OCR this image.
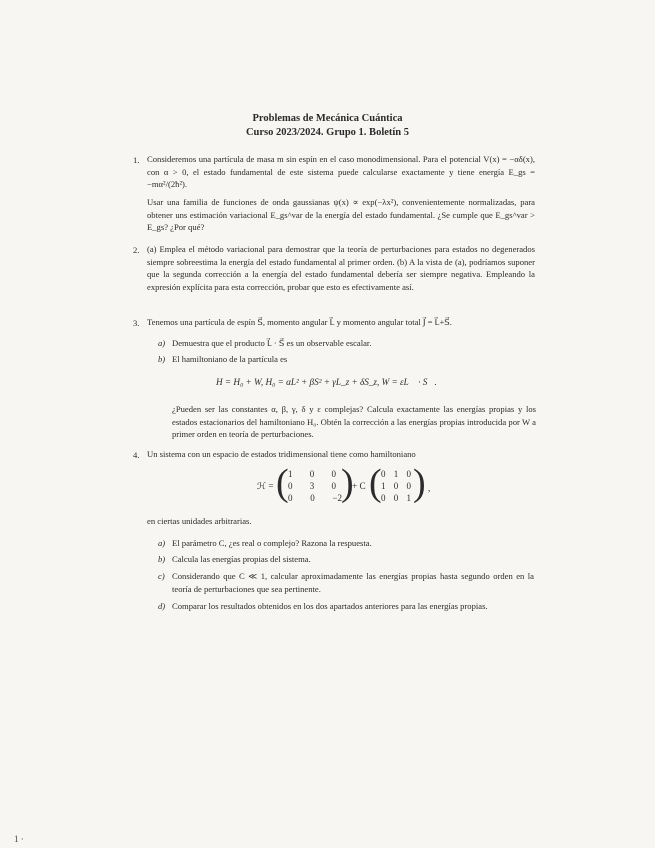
Problemas de Mecánica Cuántica
Curso 2023/2024. Grupo 1. Boletín 5
1. Consideremos una partícula de masa m sin espín en el caso monodimensional. Para el potencial V(x) = −αδ(x), con α > 0, el estado fundamental de este sistema puede calcularse exactamente y tiene energía E_gs = −mα²/(2ħ²).
Usar una familia de funciones de onda gaussianas ψ(x) ∝ exp(−λx²), convenientemente normalizadas, para obtener uns estimación variacional E_gs^var de la energía del estado fundamental. ¿Se cumple que E_gs^var > E_gs? ¿Por qué?
2. (a) Emplea el método variacional para demostrar que la teoría de perturbaciones para estados no degenerados siempre sobreestima la energía del estado fundamental al primer orden. (b) A la vista de (a), podríamos suponer que la segunda corrección a la energía del estado fundamental debería ser siempre negativa. Empleando la expresión explícita para esta corrección, probar que esto es efectivamente así.
3. Tenemos una partícula de espín S⃗, momento angular L⃗ y momento angular total J⃗ = L⃗+S⃗.
a) Demuestra que el producto L⃗ · S⃗ es un observable escalar.
b) El hamiltoniano de la partícula es
H = H₀ + W, H₀ = αL² + βS² + γL_z + δS_z, W = εL⃗ · S⃗.
¿Pueden ser las constantes α, β, γ, δ y ε complejas? Calcula exactamente las energías propias y los estados estacionarios del hamiltoniano H₀. Obtén la corrección a las energías propias introducida por W a primer orden en teoría de perturbaciones.
4. Un sistema con un espacio de estados tridimensional tiene como hamiltoniano
ℋ = ( 1 0 0
0 3 0
0 0 −2 )
+ C ( 0 1 0
1 0 0
0 0 1 ) ,
en ciertas unidades arbitrarias.
a) El parámetro C, ¿es real o complejo? Razona la respuesta.
b) Calcula las energías propias del sistema.
c) Considerando que C ≪ 1, calcular aproximadamente las energías propias hasta segundo orden en la teoría de perturbaciones que sea pertinente.
d) Comparar los resultados obtenidos en los dos apartados anteriores para las energías propias.
1 ·
